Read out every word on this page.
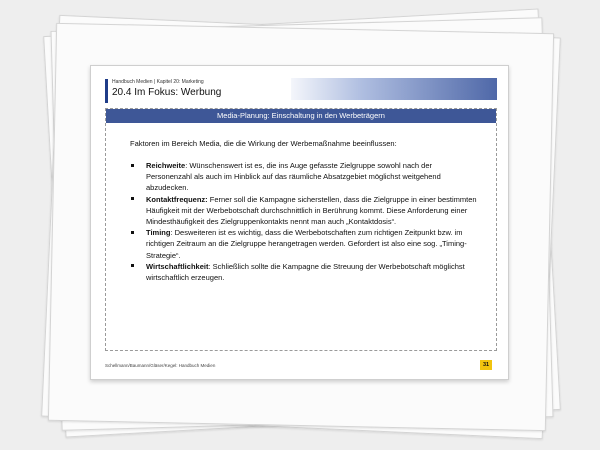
Handbuch Medien | Kapitel 20: Marketing
20.4 Im Fokus: Werbung
Media-Planung: Einschaltung in den Werbeträgern
Faktoren im Bereich Media, die die Wirkung der Werbemaßnahme beeinflussen:
Reichweite: Wünschenswert ist es, die ins Auge gefasste Zielgruppe sowohl nach der Personenzahl als auch im Hinblick auf das räumliche Absatzgebiet möglichst weitgehend abzudecken.
Kontaktfrequenz: Ferner soll die Kampagne sicherstellen, dass die Zielgruppe in einer bestimmten Häufigkeit mit der Werbebotschaft durchschnittlich in Berührung kommt. Diese Anforderung einer Mindesthäufigkeit des Zielgruppenkontakts nennt man auch „Kontaktdosis“.
Timing: Desweiteren ist es wichtig, dass die Werbebotschaften zum richtigen Zeitpunkt bzw. im richtigen Zeitraum an die Zielgruppe herangetragen werden. Gefordert ist also eine sog. „Timing-Strategie“.
Wirtschaftlichkeit: Schließlich sollte die Kampagne die Streuung der Werbebotschaft möglichst wirtschaftlich erzeugen.
Schellmann/Baumann/Gläser/Kegel: Handbuch Medien	31
